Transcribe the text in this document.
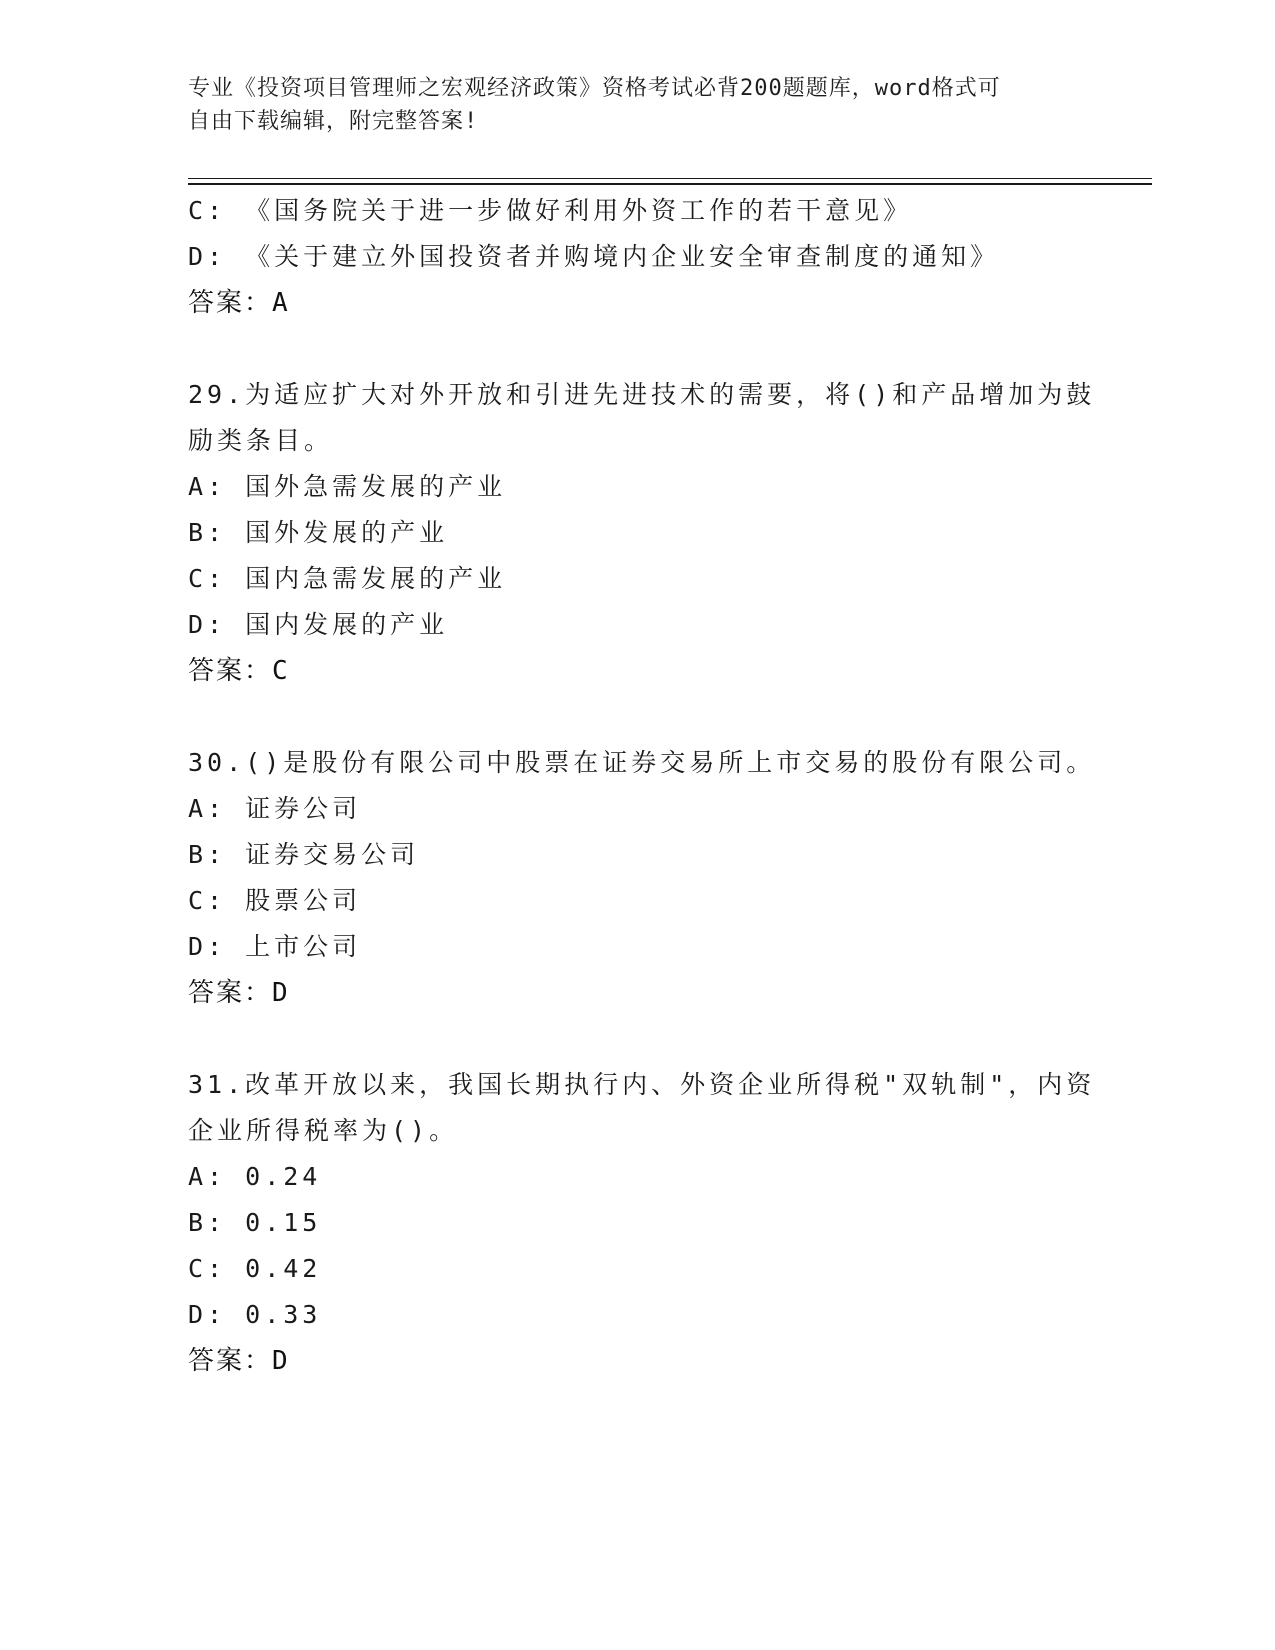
专业《投资项目管理师之宏观经济政策》资格考试必背200题题库，word格式可
自由下载编辑，附完整答案!
C: 《国务院关于进一步做好利用外资工作的若干意见》
D: 《关于建立外国投资者并购境内企业安全审查制度的通知》
答案：A
29.为适应扩大对外开放和引进先进技术的需要，将()和产品增加为鼓
励类条目。
A: 国外急需发展的产业
B: 国外发展的产业
C: 国内急需发展的产业
D: 国内发展的产业
答案：C
30.()是股份有限公司中股票在证券交易所上市交易的股份有限公司。
A: 证券公司
B: 证券交易公司
C: 股票公司
D: 上市公司
答案：D
31.改革开放以来，我国长期执行内、外资企业所得税"双轨制"，内资
企业所得税率为()。
A: 0.24
B: 0.15
C: 0.42
D: 0.33
答案：D
